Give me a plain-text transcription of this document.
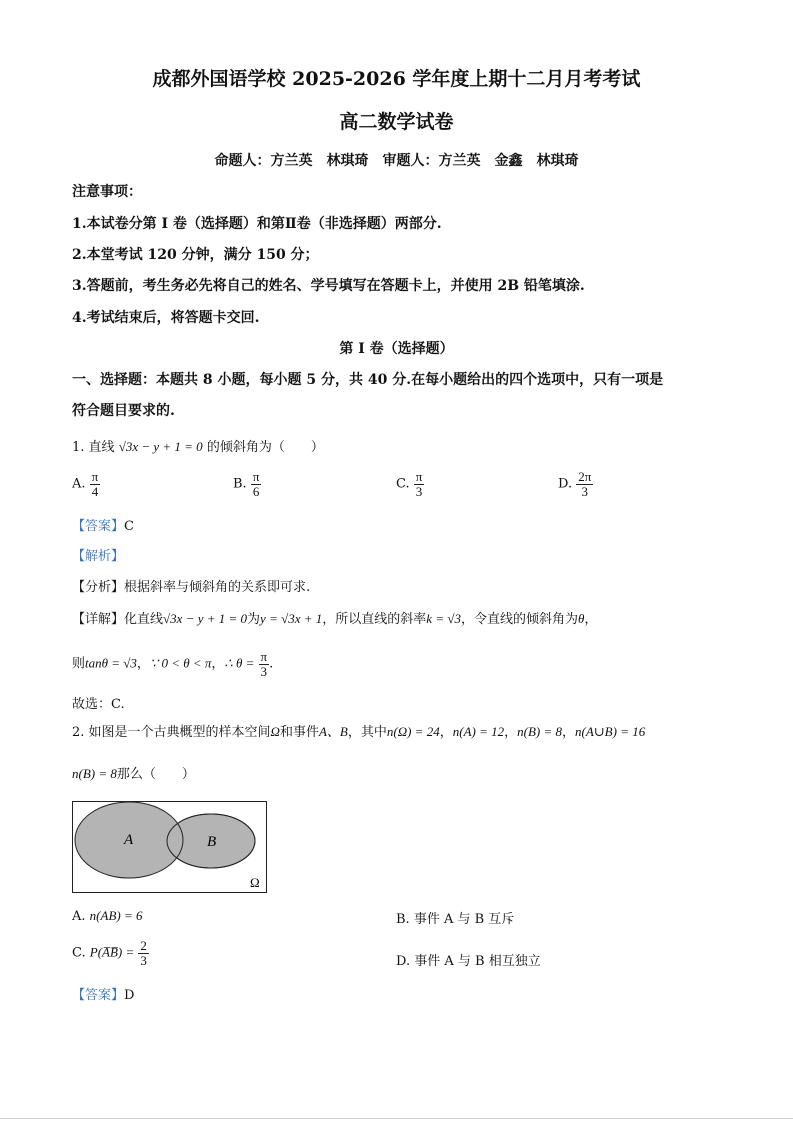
成都外国语学校 2025-2026 学年度上期十二月月考考试
高二数学试卷
命题人：方兰英　林琪琦　审题人：方兰英　金鑫　林琪琦
注意事项：
1.本试卷分第 I 卷（选择题）和第Ⅱ卷（非选择题）两部分.
2.本堂考试 120 分钟，满分 150 分；
3.答题前，考生务必先将自己的姓名、学号填写在答题卡上，并使用 2B 铅笔填涂.
4.考试结束后，将答题卡交回.
第 I 卷（选择题）
一、选择题：本题共 8 小题，每小题 5 分，共 40 分.在每小题给出的四个选项中，只有一项是
符合题目要求的.
1. 直线 √3x − y + 1 = 0 的倾斜角为（　　）
A. $\frac{\pi}{4}$	B. $\frac{\pi}{6}$	C. $\frac{\pi}{3}$	D. $\frac{2\pi}{3}$
【答案】C
【解析】
【分析】根据斜率与倾斜角的关系即可求.
【详解】化直线√3x − y + 1 = 0为y = √3x + 1，所以直线的斜率k = √3，令直线的倾斜角为θ，
则tanθ = √3，∵ 0 < θ < π，∴ $\theta = \frac{\pi}{3}$ .
故选：C.
2. 如图是一个古典概型的样本空间Ω和事件A、B，其中n(Ω) = 24，n(A) = 12，n(B) = 8，n(A∪B) = 16
n(B) = 8那么（　　）
A	B
Ω
A. n(AB) = 6	B. 事件 A 与 B 互斥
C. P(A̅B̅) = $\frac{2}{3}$	D. 事件 A 与 B 相互独立
【答案】D
